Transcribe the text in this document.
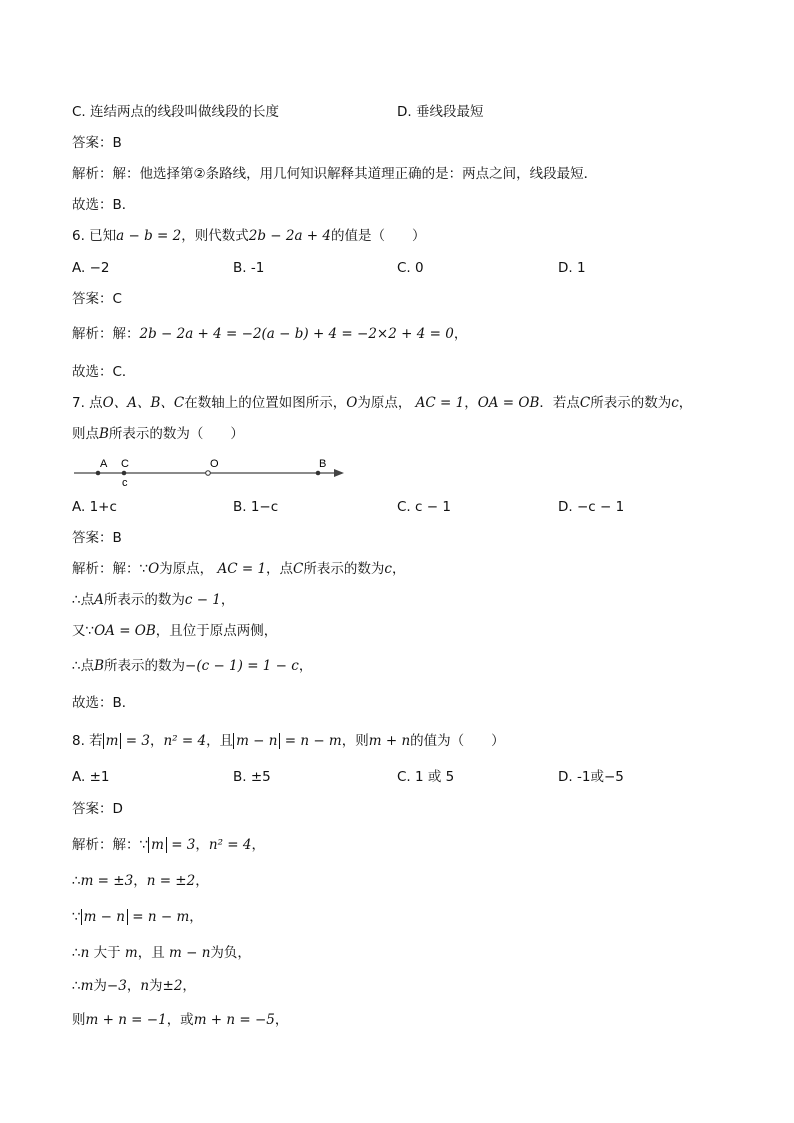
C. 连结两点的线段叫做线段的长度	D. 垂线段最短
答案：B
解析：解：他选择第②条路线，用几何知识解释其道理正确的是：两点之间，线段最短．
故选：B．
6. 已知a − b = 2，则代数式2b − 2a + 4的值是（　　）
A. −2	B. -1	C. 0	D. 1
答案：C
解析：解：2b − 2a + 4 = −2(a − b) + 4 = −2×2 + 4 = 0，
故选：C．
7. 点O、A、B、C在数轴上的位置如图所示，O为原点， AC = 1，OA = OB．若点C所表示的数为c，
则点B所表示的数为（　　）
A C
c
O	B
A. 1+c	B. 1−c	C. c − 1	D. −c − 1
答案：B
解析：解：∵O为原点， AC = 1，点C所表示的数为c，
∴点A所表示的数为c − 1，
又∵OA = OB，且位于原点两侧，
∴点B所表示的数为−(c − 1) = 1 − c，
故选：B．
8. 若 m = 3，n² = 4，且 m − n = n − m，则m + n的值为（　　）
A. ±1	B. ±5	C. 1 或 5	D. -1或−5
答案：D
解析：解：∵ m = 3，n² = 4，
∴m = ±3，n = ±2，
∵ m − n = n − m，
∴n 大于 m，且 m − n为负，
∴m为−3，n为±2，
则m + n = −1，或m + n = −5，
